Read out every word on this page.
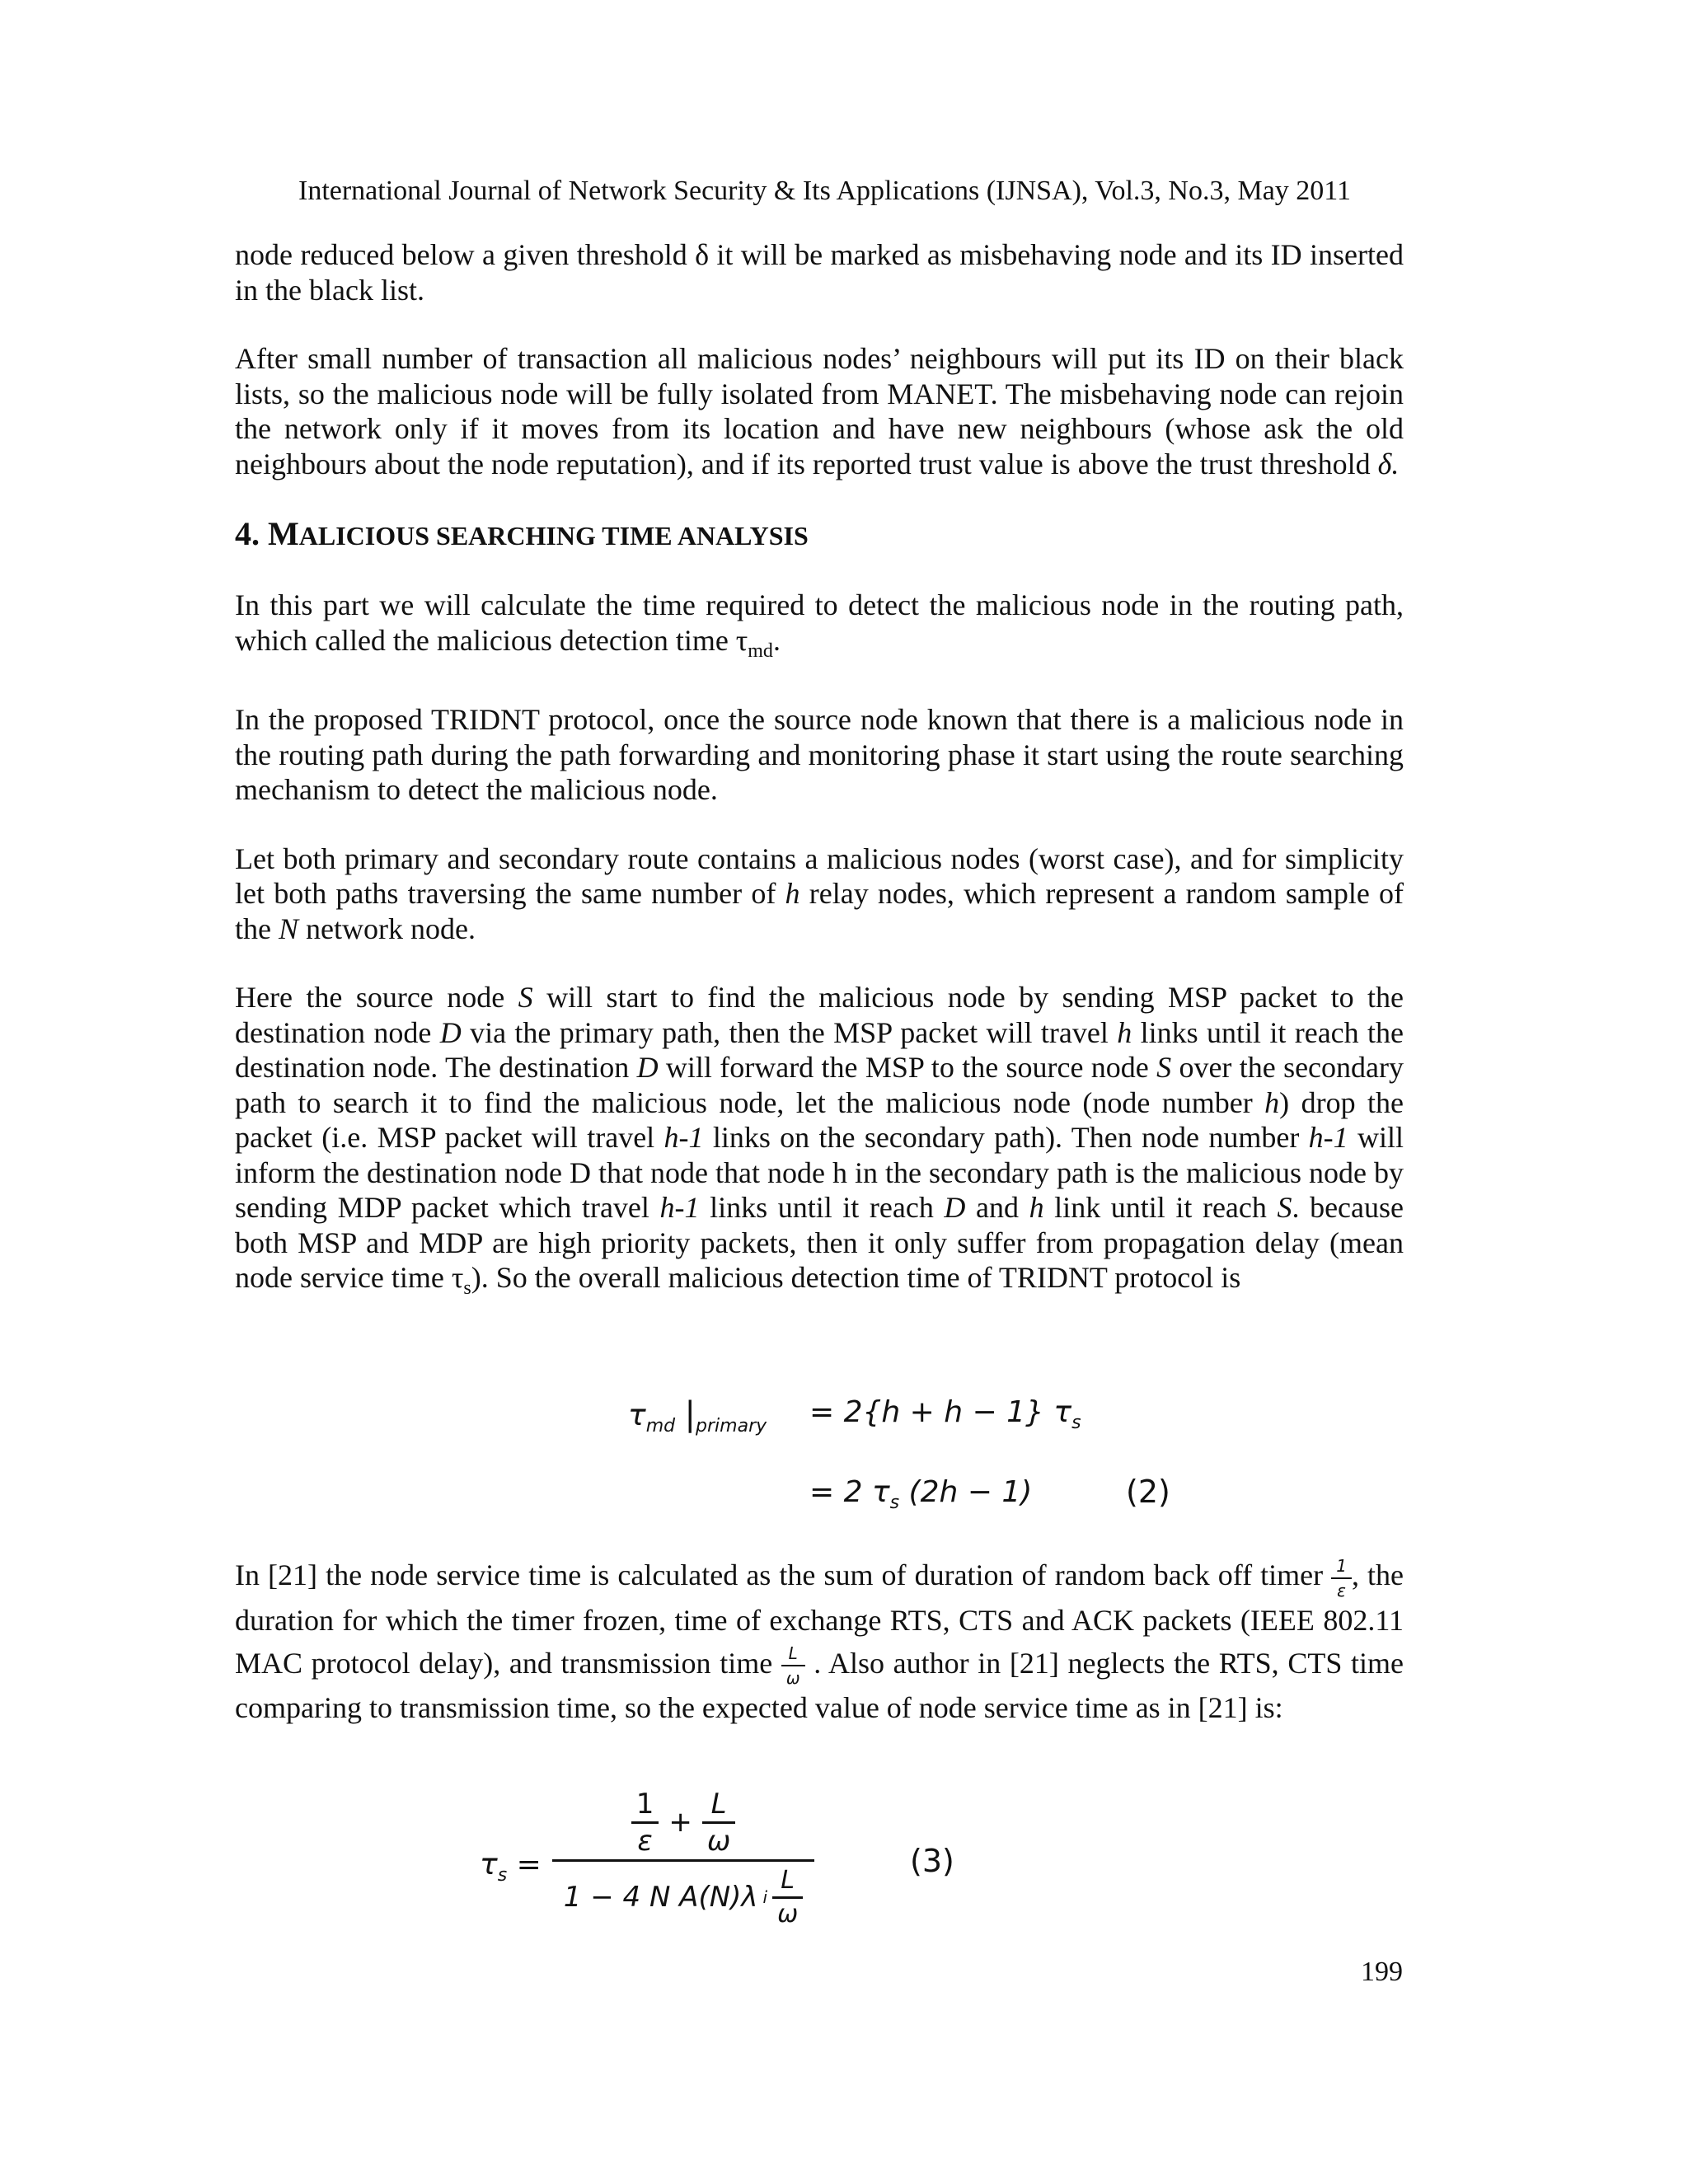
International Journal of Network Security & Its Applications (IJNSA), Vol.3, No.3, May 2011

node reduced below a given threshold δ it will be marked as misbehaving node and its ID inserted in the black list.

After small number of transaction all malicious nodes’ neighbours will put its ID on their black lists, so the malicious node will be fully isolated from MANET. The misbehaving node can rejoin the network only if it moves from its location and have new neighbours (whose ask the old neighbours about the node reputation), and if its reported trust value is above the trust threshold δ.

4. MALICIOUS SEARCHING TIME ANALYSIS

In this part we will calculate the time required to detect the malicious node in the routing path, which called the malicious detection time $\tau_{md}$.

In the proposed TRIDNT protocol, once the source node known that there is a malicious node in the routing path during the path forwarding and monitoring phase it start using the route searching mechanism to detect the malicious node.

Let both primary and secondary route contains a malicious nodes (worst case), and for simplicity let both paths traversing the same number of h relay nodes, which represent a random sample of the N network node.

Here the source node S will start to find the malicious node by sending MSP packet to the destination node D via the primary path, then the MSP packet will travel h links until it reach the destination node. The destination D will forward the MSP to the source node S over the secondary path to search it to find the malicious node, let the malicious node (node number h) drop the packet (i.e. MSP packet will travel h-1 links on the secondary path). Then node number h-1 will inform the destination node D that node that node h in the secondary path is the malicious node by sending MDP packet which travel h-1 links until it reach D and h link until it reach S. because both MSP and MDP are high priority packets, then it only suffer from propagation delay (mean node service time $\tau_s$). So the overall malicious detection time of TRIDNT protocol is

$\tau_{md}$ $|_{primary} = 2\{h + h - 1\}$ $\tau_s$
= 2 $\tau_s$ (2h − 1)	(2)

In [21] the node service time is calculated as the sum of duration of random back off timer $\frac{1}{\varepsilon}$ , the duration for which the timer frozen, time of exchange RTS, CTS and ACK packets (IEEE 802.11 MAC protocol delay), and transmission time $\frac{L}{\omega}$ . Also author in [21] neglects the RTS, CTS time comparing to transmission time, so the expected value of node service time as in [21] is:

$\tau_s$ =
$\frac{1}{\varepsilon} + \frac{L}{\omega}$
1 − 4 N A(N)λ i $\frac{L}{\omega}$
(3)
199
